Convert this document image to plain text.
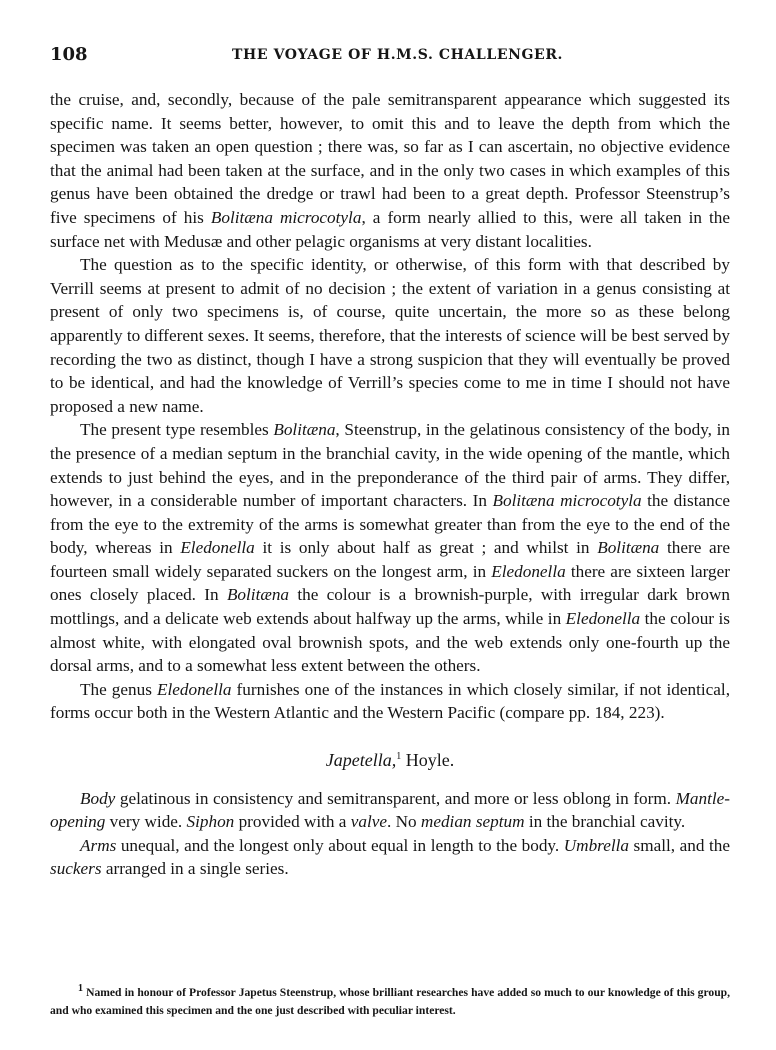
108	THE VOYAGE OF H.M.S. CHALLENGER.

the cruise, and, secondly, because of the pale semitransparent appearance which suggested its specific name. It seems better, however, to omit this and to leave the depth from which the specimen was taken an open question ; there was, so far as I can ascertain, no objective evidence that the animal had been taken at the surface, and in the only two cases in which examples of this genus have been obtained the dredge or trawl had been to a great depth. Professor Steenstrup’s five specimens of his Bolitæna microcotyla, a form nearly allied to this, were all taken in the surface net with Medusæ and other pelagic organisms at very distant localities.

The question as to the specific identity, or otherwise, of this form with that described by Verrill seems at present to admit of no decision ; the extent of variation in a genus consisting at present of only two specimens is, of course, quite uncertain, the more so as these belong apparently to different sexes. It seems, therefore, that the interests of science will be best served by recording the two as distinct, though I have a strong suspicion that they will eventually be proved to be identical, and had the knowledge of Verrill’s species come to me in time I should not have proposed a new name.

The present type resembles Bolitæna, Steenstrup, in the gelatinous consistency of the body, in the presence of a median septum in the branchial cavity, in the wide opening of the mantle, which extends to just behind the eyes, and in the preponderance of the third pair of arms. They differ, however, in a considerable number of important characters. In Bolitæna microcotyla the distance from the eye to the extremity of the arms is somewhat greater than from the eye to the end of the body, whereas in Eledonella it is only about half as great ; and whilst in Bolitæna there are fourteen small widely separated suckers on the longest arm, in Eledonella there are sixteen larger ones closely placed. In Bolitæna the colour is a brownish-purple, with irregular dark brown mottlings, and a delicate web extends about halfway up the arms, while in Eledonella the colour is almost white, with elongated oval brownish spots, and the web extends only one-fourth up the dorsal arms, and to a somewhat less extent between the others.

The genus Eledonella furnishes one of the instances in which closely similar, if not identical, forms occur both in the Western Atlantic and the Western Pacific (compare pp. 184, 223).

Japetella,$^1$ Hoyle.

Body gelatinous in consistency and semitransparent, and more or less oblong in form. Mantle-opening very wide. Siphon provided with a valve. No median septum in the branchial cavity.

Arms unequal, and the longest only about equal in length to the body. Umbrella small, and the suckers arranged in a single series.

$^1$ Named in honour of Professor Japetus Steenstrup, whose brilliant researches have added so much to our knowledge of this group, and who examined this specimen and the one just described with peculiar interest.
